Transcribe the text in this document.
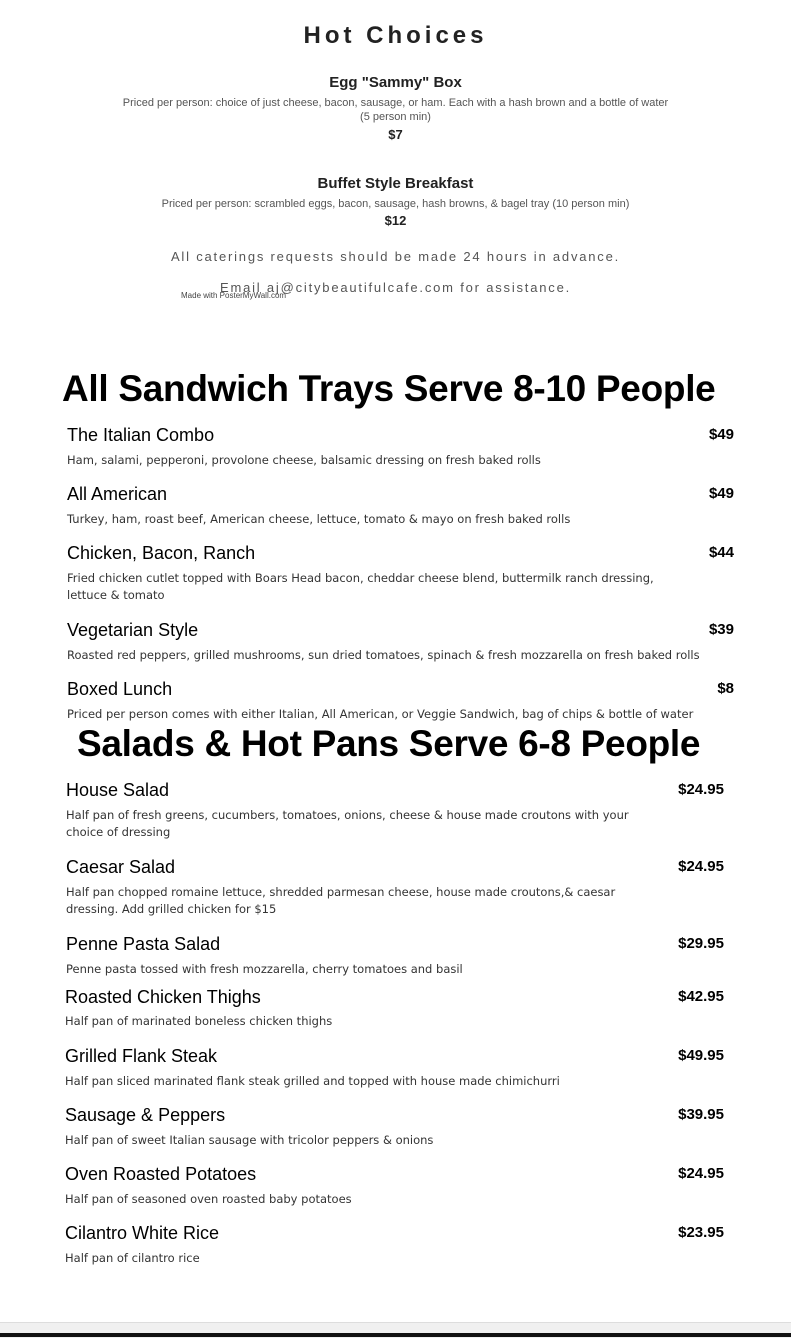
Hot Choices
Egg "Sammy" Box
Priced per person: choice of just cheese, bacon, sausage, or ham. Each with a hash brown and a bottle of water
(5 person min)
$7
Buffet Style Breakfast
Priced per person: scrambled eggs, bacon, sausage, hash browns, & bagel tray (10 person min)
$12
All caterings requests should be made 24 hours in advance.
Email aj@citybeautifulcafe.com for assistance.
Made with PosterMyWall.com
All Sandwich Trays Serve 8-10 People
The Italian Combo	$49
Ham, salami, pepperoni, provolone cheese, balsamic dressing on fresh baked rolls
All American	$49
Turkey, ham, roast beef, American cheese, lettuce, tomato & mayo on fresh baked rolls
Chicken, Bacon, Ranch	$44
Fried chicken cutlet topped with Boars Head bacon, cheddar cheese blend, buttermilk ranch dressing, lettuce & tomato
Vegetarian Style	$39
Roasted red peppers, grilled mushrooms, sun dried tomatoes, spinach & fresh mozzarella on fresh baked rolls
Boxed Lunch	$8
Priced per person comes with either Italian, All American, or Veggie Sandwich, bag of chips & bottle of water
Salads & Hot Pans Serve 6-8 People
House Salad	$24.95
Half pan of fresh greens, cucumbers, tomatoes, onions, cheese & house made croutons with your choice of dressing
Caesar Salad	$24.95
Half pan chopped romaine lettuce, shredded parmesan cheese, house made croutons,& caesar dressing. Add grilled chicken for $15
Penne Pasta Salad	$29.95
Penne pasta tossed with fresh mozzarella, cherry tomatoes and basil
Roasted Chicken Thighs	$42.95
Half pan of marinated boneless chicken thighs
Grilled Flank Steak	$49.95
Half pan sliced marinated flank steak grilled and topped with house made chimichurri
Sausage & Peppers	$39.95
Half pan of sweet Italian sausage with tricolor peppers & onions
Oven Roasted Potatoes	$24.95
Half pan of seasoned oven roasted baby potatoes
Cilantro White Rice	$23.95
Half pan of cilantro rice
